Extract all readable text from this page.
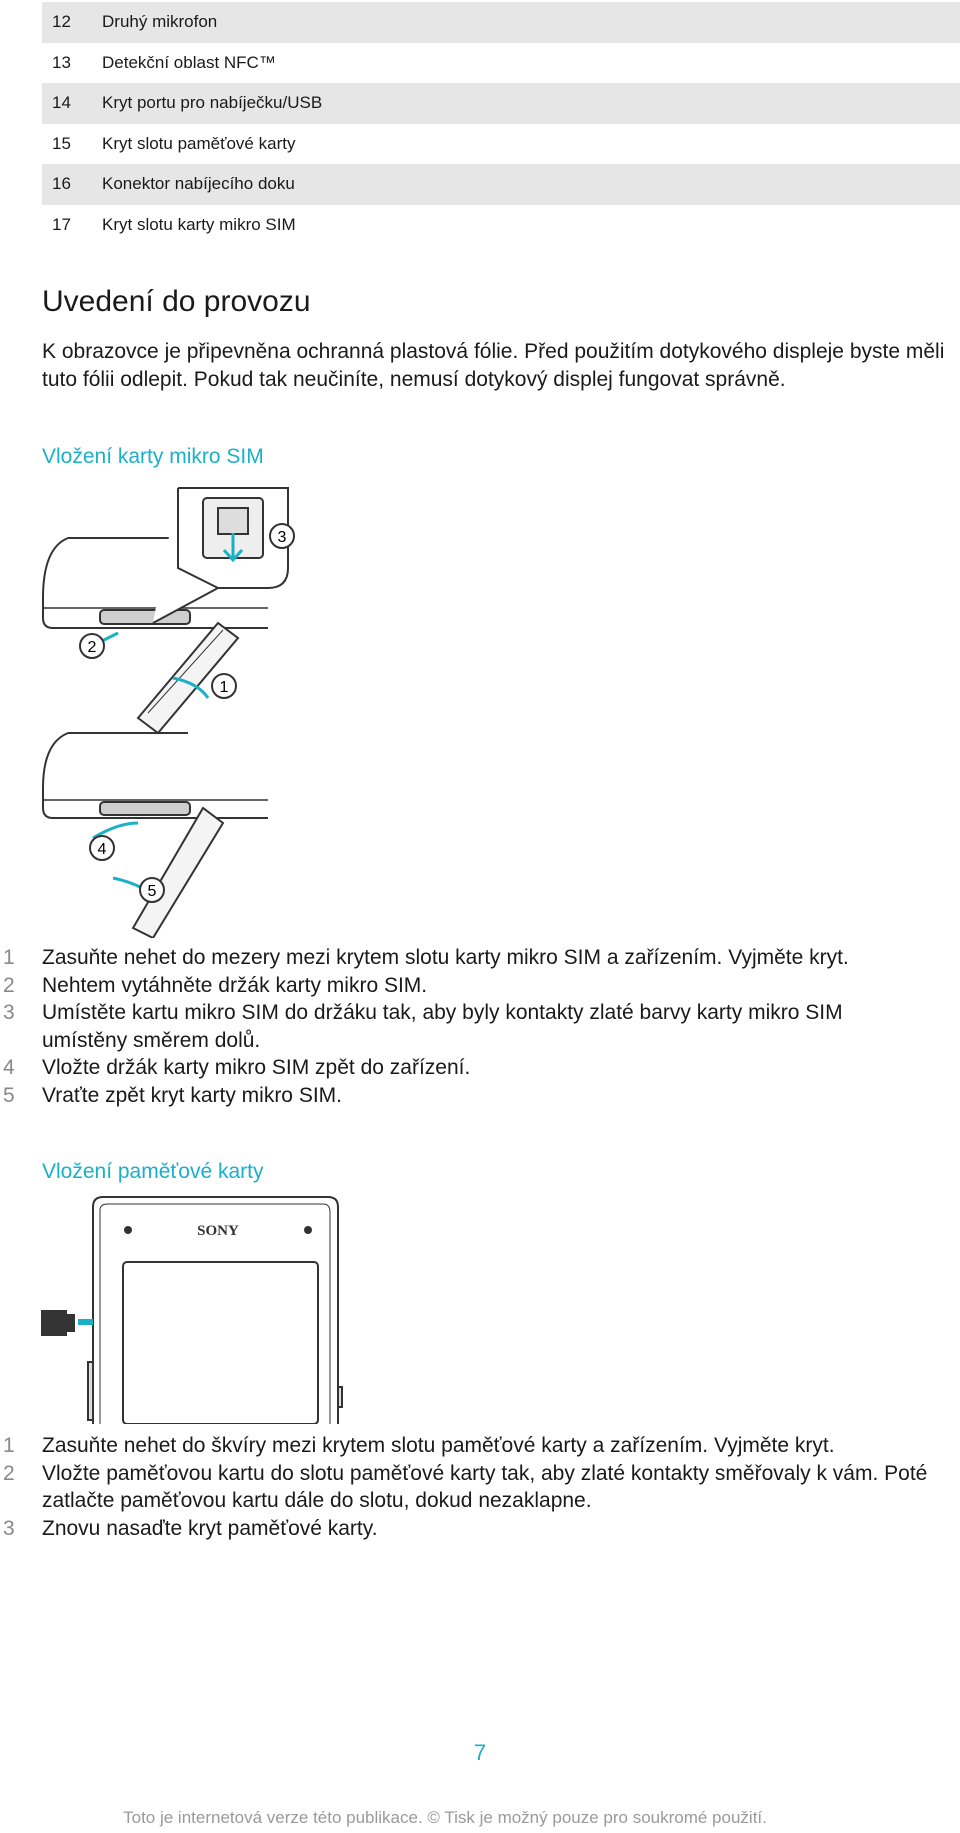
12	Druhý mikrofon
13	Detekční oblast NFC™
14	Kryt portu pro nabíječku/USB
15	Kryt slotu paměťové karty
16	Konektor nabíjecího doku
17	Kryt slotu karty mikro SIM
Uvedení do provozu

K obrazovce je připevněna ochranná plastová fólie. Před použitím dotykového displeje byste měli tuto fólii odlepit. Pokud tak neučiníte, nemusí dotykový displej fungovat správně.

Vložení karty mikro SIM
3
2
1
4
5
1	Zasuňte nehet do mezery mezi krytem slotu karty mikro SIM a zařízením. Vyjměte kryt.
2	Nehtem vytáhněte držák karty mikro SIM.
3	Umístěte kartu mikro SIM do držáku tak, aby byly kontakty zlaté barvy karty mikro SIM umístěny směrem dolů.
4	Vložte držák karty mikro SIM zpět do zařízení.
5	Vraťte zpět kryt karty mikro SIM.
Vložení paměťové karty
SONY
1	Zasuňte nehet do škvíry mezi krytem slotu paměťové karty a zařízením. Vyjměte kryt.
2	Vložte paměťovou kartu do slotu paměťové karty tak, aby zlaté kontakty směřovaly k vám. Poté zatlačte paměťovou kartu dále do slotu, dokud nezaklapne.
3	Znovu nasaďte kryt paměťové karty.
7
Toto je internetová verze této publikace. © Tisk je možný pouze pro soukromé použití.
